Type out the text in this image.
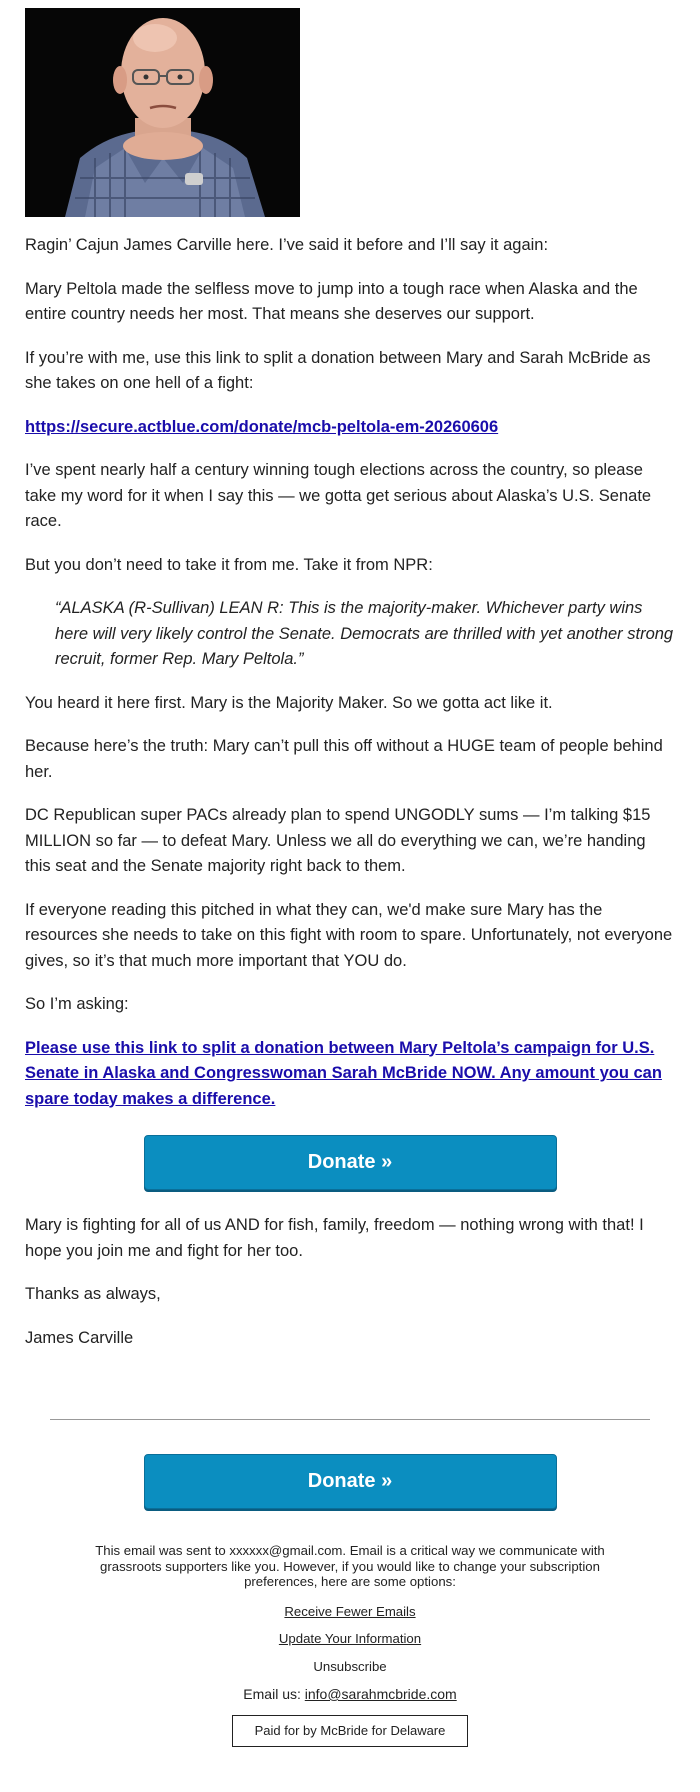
Ragin’ Cajun James Carville here. I’ve said it before and I’ll say it again:

Mary Peltola made the selfless move to jump into a tough race when Alaska and the entire country needs her most. That means she deserves our support.

If you’re with me, use this link to split a donation between Mary and Sarah McBride as she takes on one hell of a fight:

https://secure.actblue.com/donate/mcb-peltola-em-20260606

I’ve spent nearly half a century winning tough elections across the country, so please take my word for it when I say this — we gotta get serious about Alaska’s U.S. Senate race.

But you don’t need to take it from me. Take it from NPR:

“ALASKA (R-Sullivan) LEAN R: This is the majority-maker. Whichever party wins here will very likely control the Senate. Democrats are thrilled with yet another strong recruit, former Rep. Mary Peltola.”

You heard it here first. Mary is the Majority Maker. So we gotta act like it.

Because here’s the truth: Mary can’t pull this off without a HUGE team of people behind her.

DC Republican super PACs already plan to spend UNGODLY sums — I’m talking $15 MILLION so far — to defeat Mary. Unless we all do everything we can, we’re handing this seat and the Senate majority right back to them.

If everyone reading this pitched in what they can, we'd make sure Mary has the resources she needs to take on this fight with room to spare. Unfortunately, not everyone gives, so it’s that much more important that YOU do.

So I’m asking:

Please use this link to split a donation between Mary Peltola’s campaign for U.S. Senate in Alaska and Congresswoman Sarah McBride NOW. Any amount you can spare today makes a difference.

Donate »

Mary is fighting for all of us AND for fish, family, freedom — nothing wrong with that! I hope you join me and fight for her too.

Thanks as always,

James Carville

Donate »
This email was sent to xxxxxx@gmail.com. Email is a critical way we communicate with grassroots supporters like you. However, if you would like to change your subscription preferences, here are some options:
Receive Fewer Emails
Update Your Information
Unsubscribe
Email us: info@sarahmcbride.com
Paid for by McBride for Delaware
